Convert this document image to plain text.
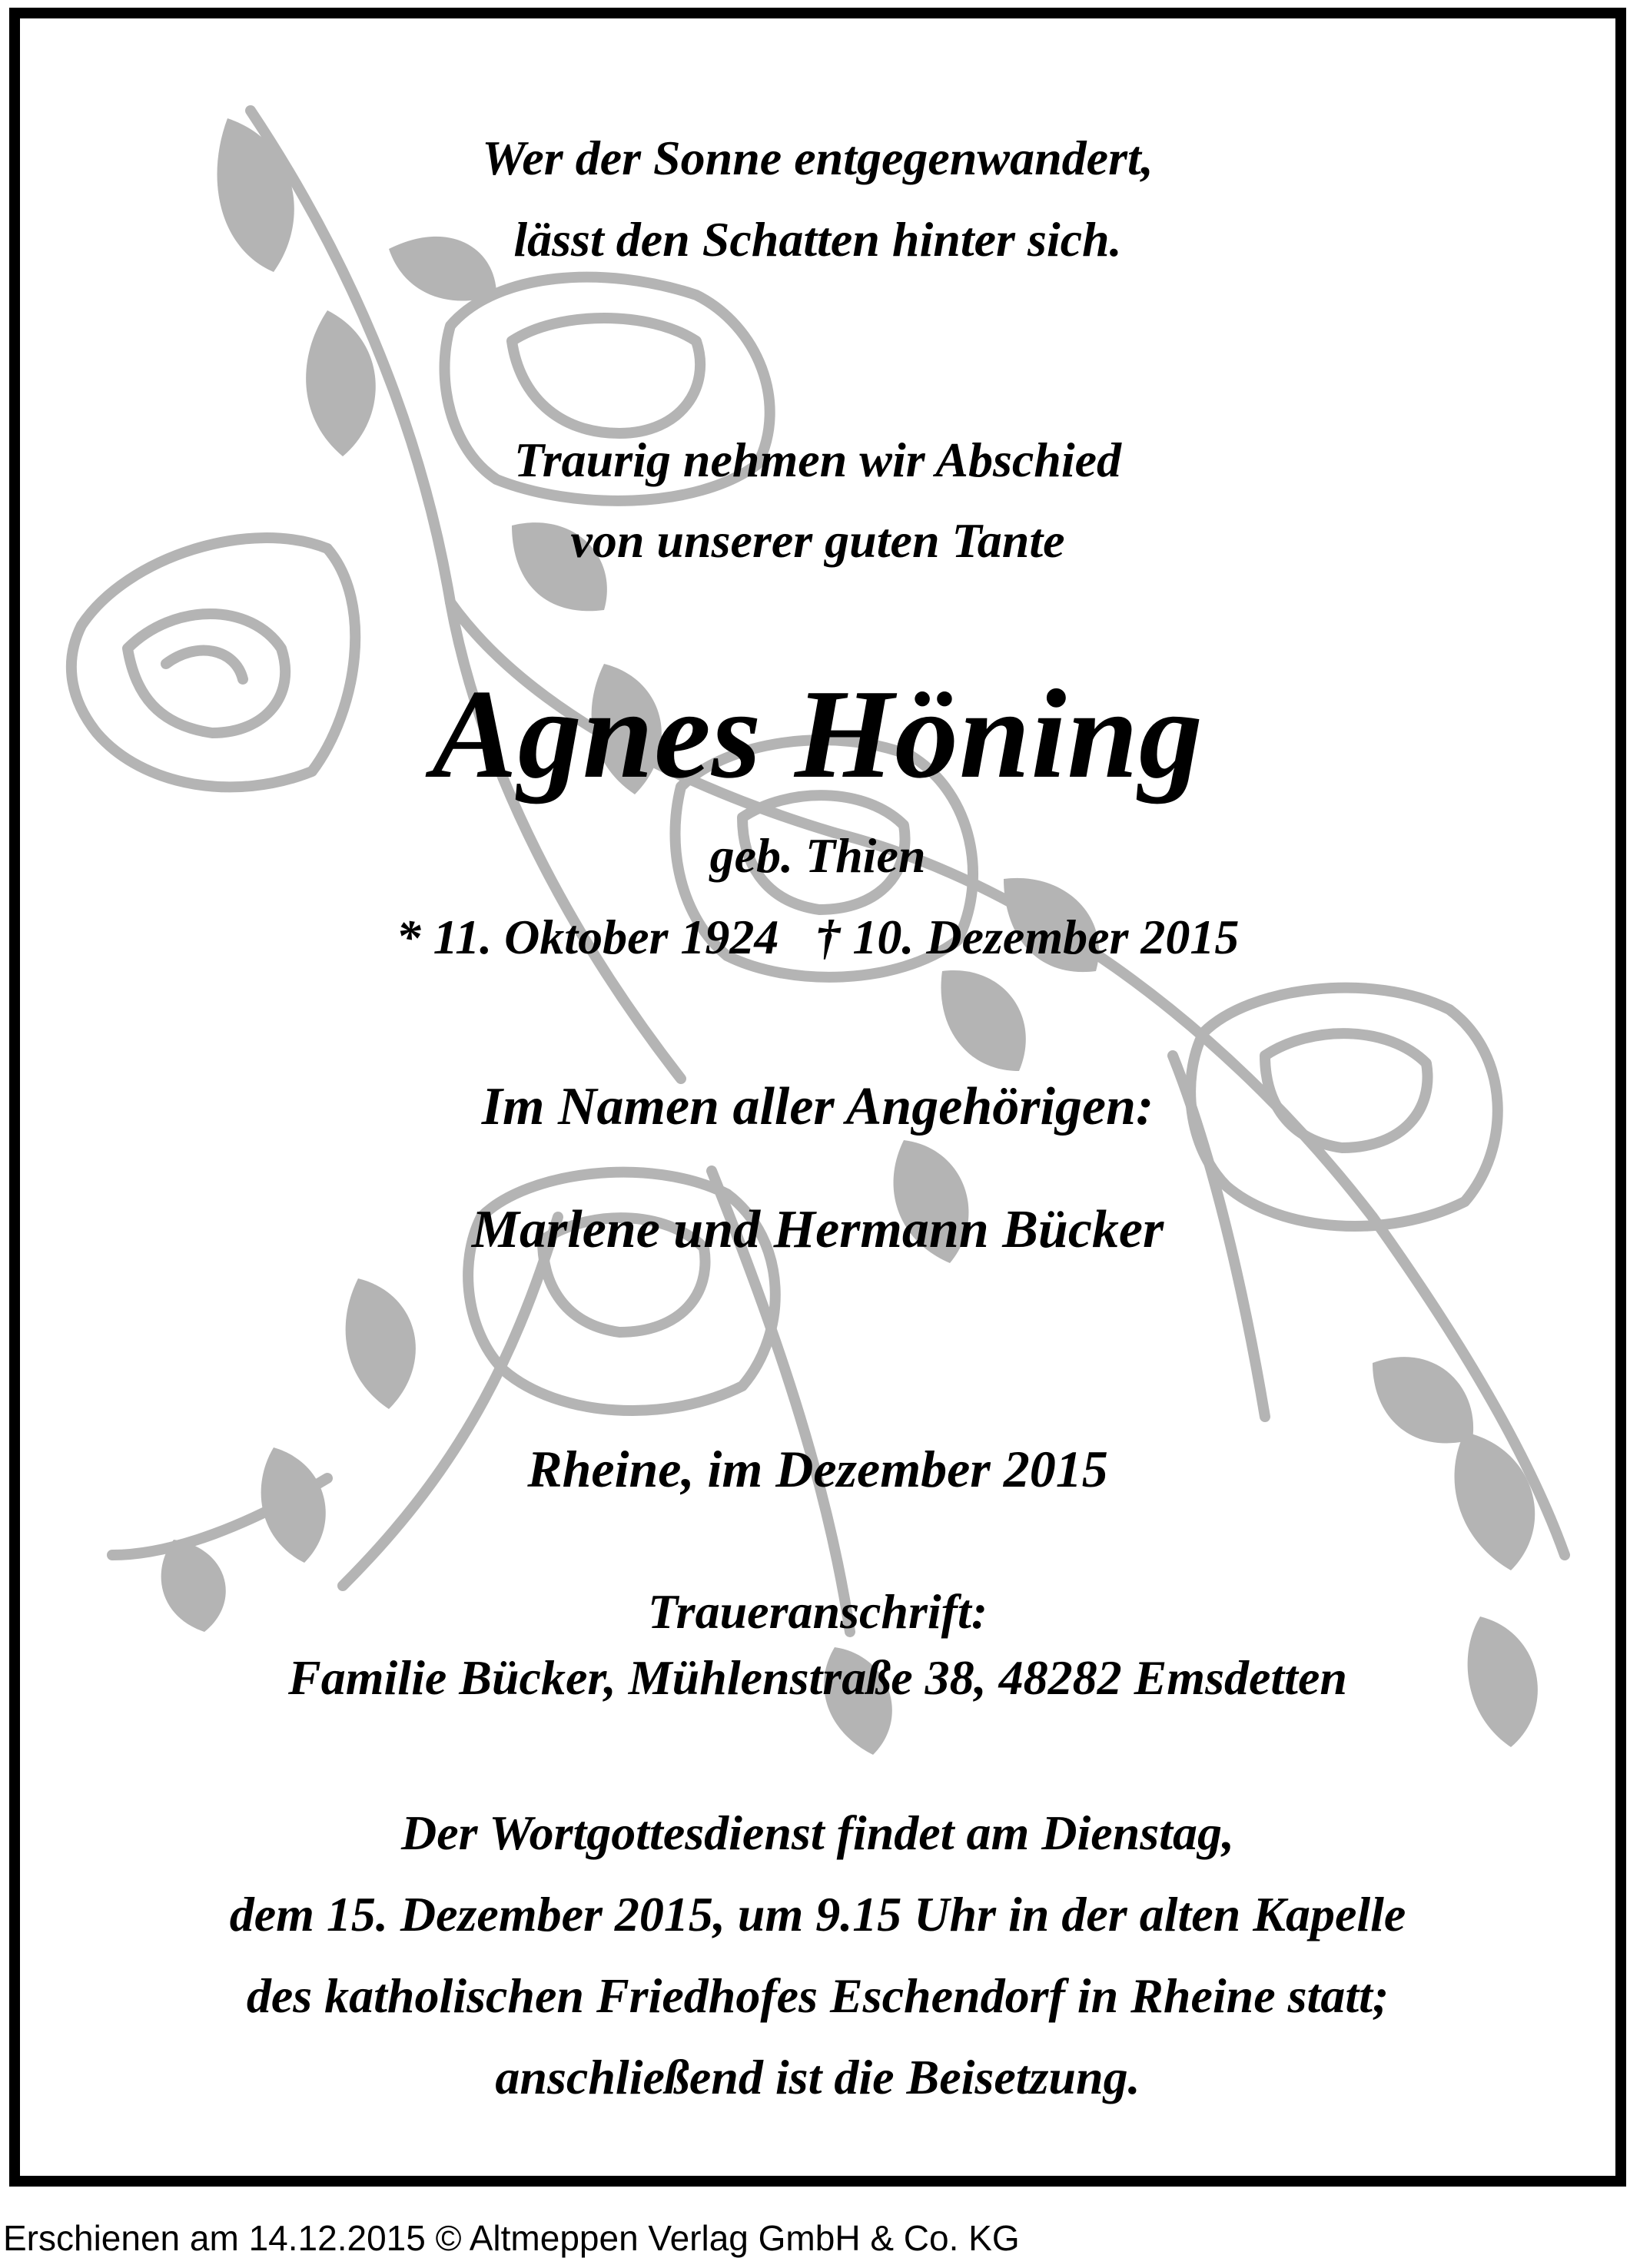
Wer der Sonne entgegenwandert,
lässt den Schatten hinter sich.
Traurig nehmen wir Abschied
von unserer guten Tante
Agnes Höning
geb. Thien
* 11. Oktober 1924   † 10. Dezember 2015
Im Namen aller Angehörigen:
Marlene und Hermann Bücker
Rheine, im Dezember 2015
Traueranschrift:
Familie Bücker, Mühlenstraße 38, 48282 Emsdetten
Der Wortgottesdienst findet am Dienstag,
dem 15. Dezember 2015, um 9.15 Uhr in der alten Kapelle
des katholischen Friedhofes Eschendorf in Rheine statt;
anschließend ist die Beisetzung.
Erschienen am 14.12.2015 © Altmeppen Verlag GmbH & Co. KG
